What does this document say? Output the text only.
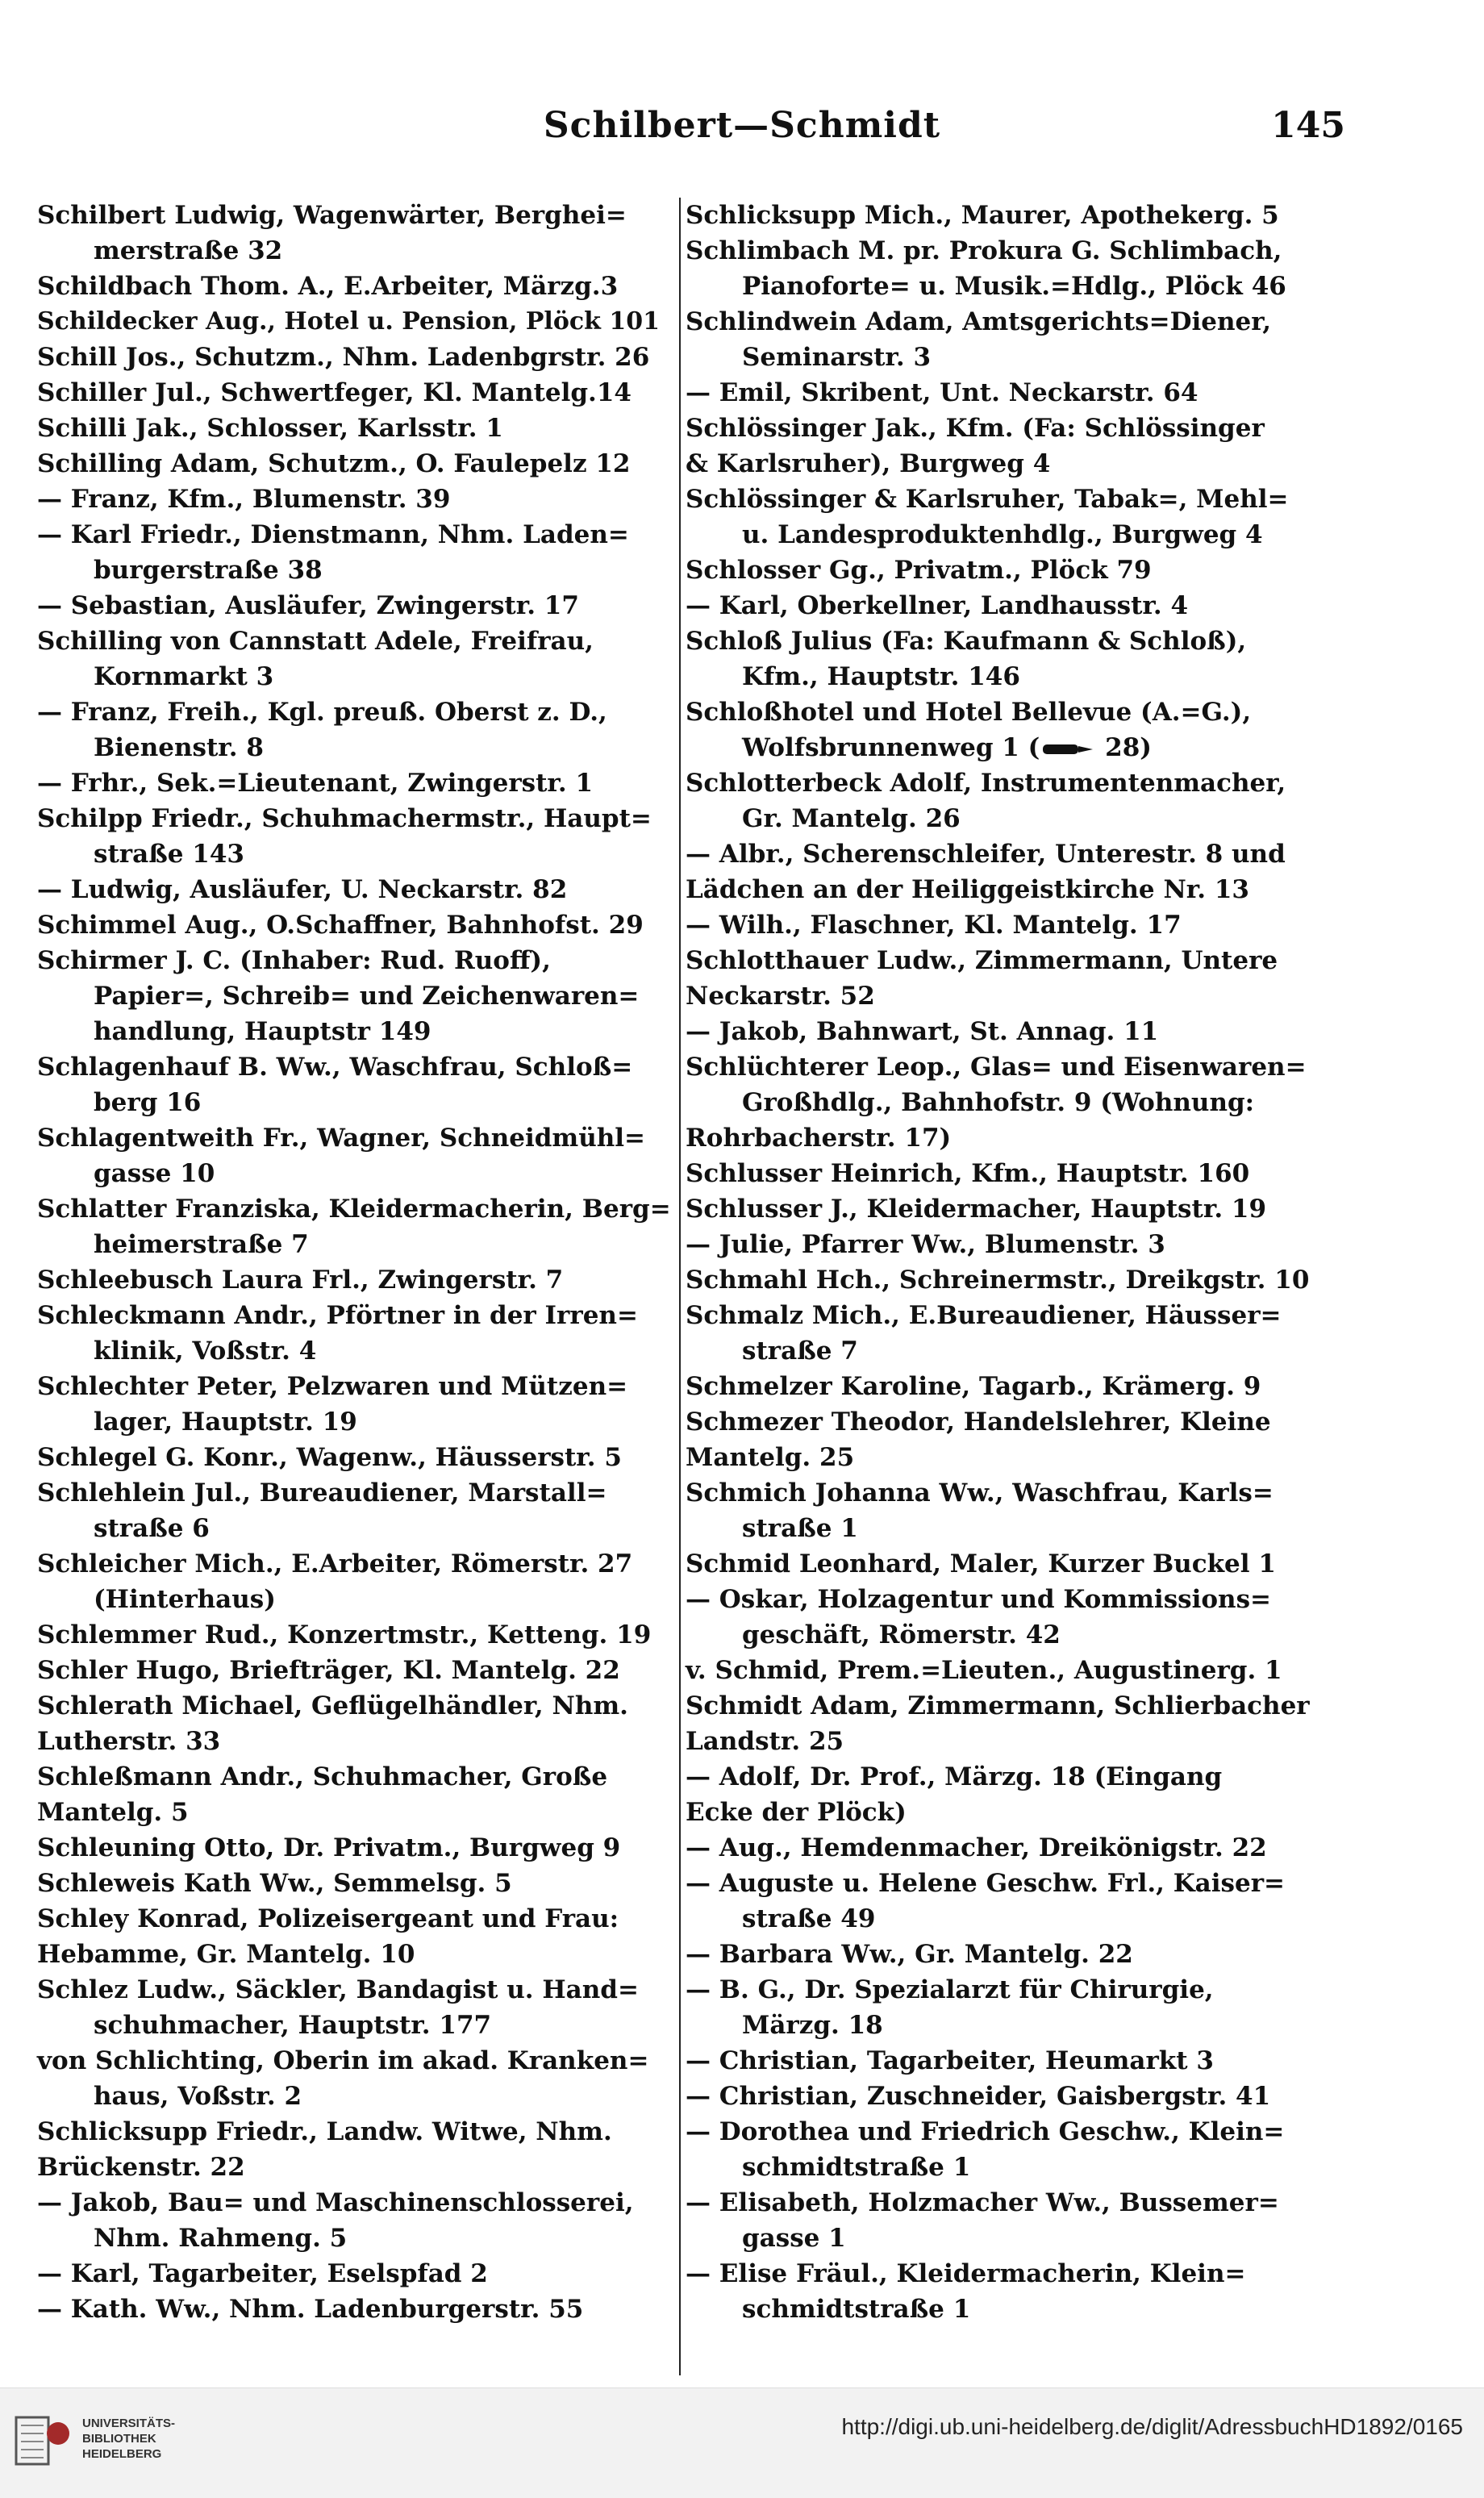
Schilbert—Schmidt	145
Schilbert Ludwig, Wagenwärter, Berghei=
merstraße 32
Schildbach Thom. A., E.Arbeiter, Märzg.3
Schildecker Aug., Hotel u. Pension, Plöck 101
Schill Jos., Schutzm., Nhm. Ladenbgrstr. 26
Schiller Jul., Schwertfeger, Kl. Mantelg.14
Schilli Jak., Schlosser, Karlsstr. 1
Schilling Adam, Schutzm., O. Faulepelz 12
— Franz, Kfm., Blumenstr. 39
— Karl Friedr., Dienstmann, Nhm. Laden=
burgerstraße 38
— Sebastian, Ausläufer, Zwingerstr. 17
Schilling von Cannstatt Adele, Freifrau,
Kornmarkt 3
— Franz, Freih., Kgl. preuß. Oberst z. D.,
Bienenstr. 8
— Frhr., Sek.=Lieutenant, Zwingerstr. 1
Schilpp Friedr., Schuhmachermstr., Haupt=
straße 143
— Ludwig, Ausläufer, U. Neckarstr. 82
Schimmel Aug., O.Schaffner, Bahnhofst. 29
Schirmer J. C. (Inhaber: Rud. Ruoff),
Papier=, Schreib= und Zeichenwaren=
handlung, Hauptstr 149
Schlagenhauf B. Ww., Waschfrau, Schloß=
berg 16
Schlagentweith Fr., Wagner, Schneidmühl=
gasse 10
Schlatter Franziska, Kleidermacherin, Berg=
heimerstraße 7
Schleebusch Laura Frl., Zwingerstr. 7
Schleckmann Andr., Pförtner in der Irren=
klinik, Voßstr. 4
Schlechter Peter, Pelzwaren und Mützen=
lager, Hauptstr. 19
Schlegel G. Konr., Wagenw., Häusserstr. 5
Schlehlein Jul., Bureaudiener, Marstall=
straße 6
Schleicher Mich., E.Arbeiter, Römerstr. 27
(Hinterhaus)
Schlemmer Rud., Konzertmstr., Ketteng. 19
Schler Hugo, Briefträger, Kl. Mantelg. 22
Schlerath Michael, Geflügelhändler, Nhm.
Lutherstr. 33
Schleßmann Andr., Schuhmacher, Große
Mantelg. 5
Schleuning Otto, Dr. Privatm., Burgweg 9
Schleweis Kath Ww., Semmelsg. 5
Schley Konrad, Polizeisergeant und Frau:
Hebamme, Gr. Mantelg. 10
Schlez Ludw., Säckler, Bandagist u. Hand=
schuhmacher, Hauptstr. 177
von Schlichting, Oberin im akad. Kranken=
haus, Voßstr. 2
Schlicksupp Friedr., Landw. Witwe, Nhm.
Brückenstr. 22
— Jakob, Bau= und Maschinenschlosserei,
Nhm. Rahmeng. 5
— Karl, Tagarbeiter, Eselspfad 2
— Kath. Ww., Nhm. Ladenburgerstr. 55
Schlicksupp Mich., Maurer, Apothekerg. 5
Schlimbach M. pr. Prokura G. Schlimbach,
Pianoforte= u. Musik.=Hdlg., Plöck 46
Schlindwein Adam, Amtsgerichts=Diener,
Seminarstr. 3
— Emil, Skribent, Unt. Neckarstr. 64
Schlössinger Jak., Kfm. (Fa: Schlössinger
& Karlsruher), Burgweg 4
Schlössinger & Karlsruher, Tabak=, Mehl=
u. Landesproduktenhdlg., Burgweg 4
Schlosser Gg., Privatm., Plöck 79
— Karl, Oberkellner, Landhausstr. 4
Schloß Julius (Fa: Kaufmann & Schloß),
Kfm., Hauptstr. 146
Schloßhotel und Hotel Bellevue (A.=G.),
Wolfsbrunnenweg 1 ( 28)
Schlotterbeck Adolf, Instrumentenmacher,
Gr. Mantelg. 26
— Albr., Scherenschleifer, Unterestr. 8 und
Lädchen an der Heiliggeistkirche Nr. 13
— Wilh., Flaschner, Kl. Mantelg. 17
Schlotthauer Ludw., Zimmermann, Untere
Neckarstr. 52
— Jakob, Bahnwart, St. Annag. 11
Schlüchterer Leop., Glas= und Eisenwaren=
Großhdlg., Bahnhofstr. 9 (Wohnung:
Rohrbacherstr. 17)
Schlusser Heinrich, Kfm., Hauptstr. 160
Schlusser J., Kleidermacher, Hauptstr. 19
— Julie, Pfarrer Ww., Blumenstr. 3
Schmahl Hch., Schreinermstr., Dreikgstr. 10
Schmalz Mich., E.Bureaudiener, Häusser=
straße 7
Schmelzer Karoline, Tagarb., Krämerg. 9
Schmezer Theodor, Handelslehrer, Kleine
Mantelg. 25
Schmich Johanna Ww., Waschfrau, Karls=
straße 1
Schmid Leonhard, Maler, Kurzer Buckel 1
— Oskar, Holzagentur und Kommissions=
geschäft, Römerstr. 42
v. Schmid, Prem.=Lieuten., Augustinerg. 1
Schmidt Adam, Zimmermann, Schlierbacher
Landstr. 25
— Adolf, Dr. Prof., Märzg. 18 (Eingang
Ecke der Plöck)
— Aug., Hemdenmacher, Dreikönigstr. 22
— Auguste u. Helene Geschw. Frl., Kaiser=
straße 49
— Barbara Ww., Gr. Mantelg. 22
— B. G., Dr. Spezialarzt für Chirurgie,
Märzg. 18
— Christian, Tagarbeiter, Heumarkt 3
— Christian, Zuschneider, Gaisbergstr. 41
— Dorothea und Friedrich Geschw., Klein=
schmidtstraße 1
— Elisabeth, Holzmacher Ww., Bussemer=
gasse 1
— Elise Fräul., Kleidermacherin, Klein=
schmidtstraße 1
UNIVERSITÄTS-
BIBLIOTHEK
HEIDELBERG
http://digi.ub.uni-heidelberg.de/diglit/AdressbuchHD1892/0165
